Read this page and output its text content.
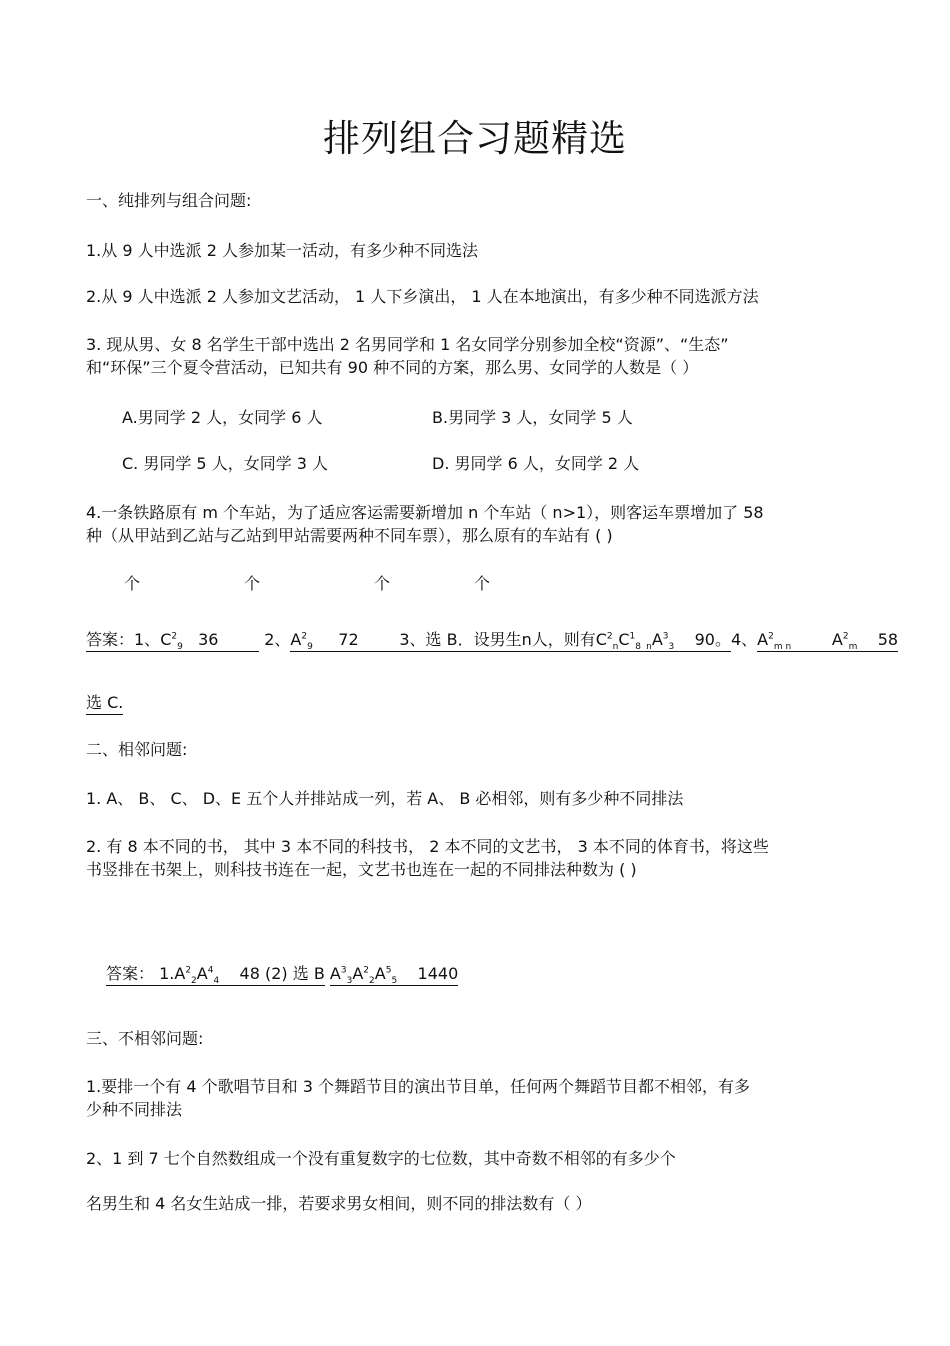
排列组合习题精选
一、纯排列与组合问题:
1.从 9 人中选派 2 人参加某一活动，有多少种不同选法
2.从 9 人中选派 2 人参加文艺活动， 1 人下乡演出， 1 人在本地演出，有多少种不同选派方法
3. 现从男、女 8 名学生干部中选出 2 名男同学和 1 名女同学分别参加全校“资源”、“生态”
和“环保”三个夏令营活动，已知共有 90 种不同的方案，那么男、女同学的人数是（ ）
A.男同学 2 人，女同学 6 人	B.男同学 3 人，女同学 5 人
C. 男同学 5 人，女同学 3 人	D. 男同学 6 人，女同学 2 人
4.一条铁路原有 m 个车站，为了适应客运需要新增加 n 个车站（ n>1），则客运车票增加了 58
种（从甲站到乙站与乙站到甲站需要两种不同车票），那么原有的车站有 ( )
个	个	个	个
答案：1、$C^2_9$ 36	2、$A^2_9$ 72	3、选 B．设男生n人，则有$C^2_nC^1_8$ $_nA^3_3$ 90。4、$A^2_{m n}$	$A^2_m$ 58
选 C.
二、相邻问题:
1. A、 B、 C、 D、E 五个人并排站成一列，若 A、 B 必相邻，则有多少种不同排法
2. 有 8 本不同的书， 其中 3 本不同的科技书， 2 本不同的文艺书， 3 本不同的体育书，将这些
书竖排在书架上，则科技书连在一起，文艺书也连在一起的不同排法种数为 ( )
答案： $1.A^2_2A^4_4$ 48 (2) 选 B $A^3_3A^2_2A^5_5$ 1440
三、不相邻问题:
1.要排一个有 4 个歌唱节目和 3 个舞蹈节目的演出节目单，任何两个舞蹈节目都不相邻，有多
少种不同排法
2、1 到 7 七个自然数组成一个没有重复数字的七位数，其中奇数不相邻的有多少个
名男生和 4 名女生站成一排，若要求男女相间，则不同的排法数有（ ）
